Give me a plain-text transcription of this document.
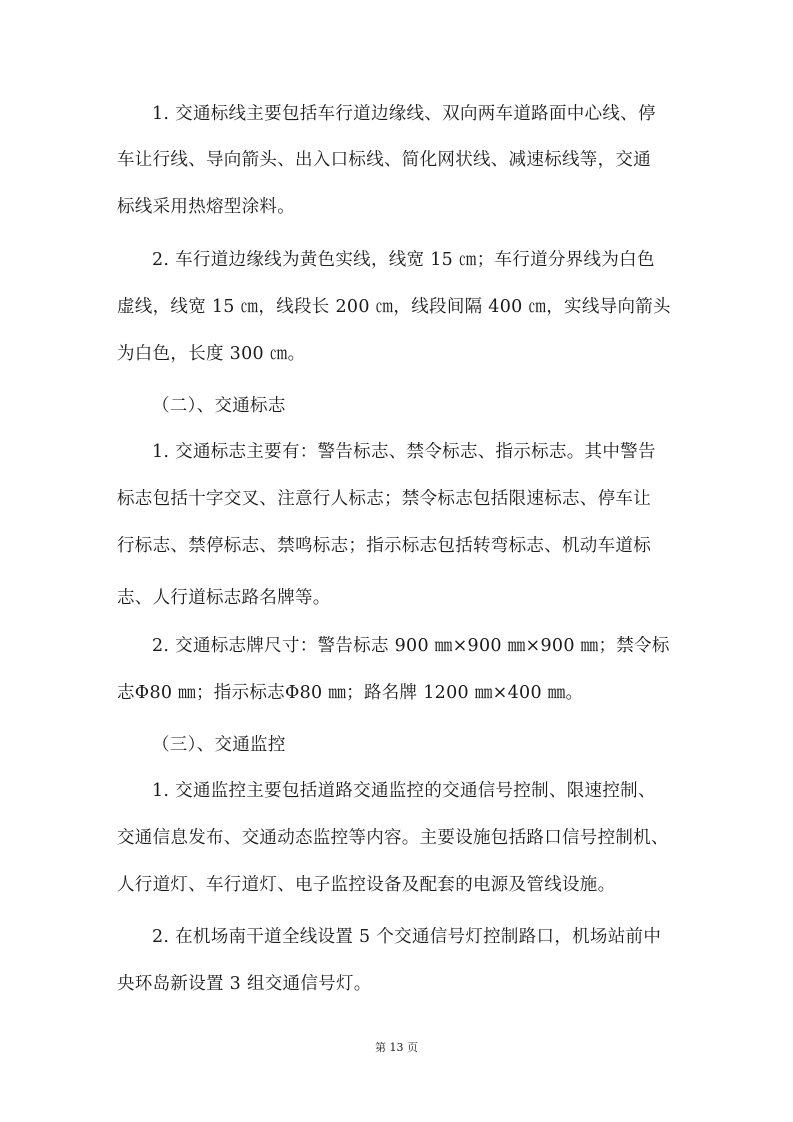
1. 交通标线主要包括车行道边缘线、双向两车道路面中心线、停
车让行线、导向箭头、出入口标线、简化网状线、减速标线等，交通
标线采用热熔型涂料。
2. 车行道边缘线为黄色实线，线宽 15 ㎝；车行道分界线为白色
虚线，线宽 15 ㎝，线段长 200 ㎝，线段间隔 400 ㎝，实线导向箭头
为白色，长度 300 ㎝。
（二）、交通标志
1. 交通标志主要有：警告标志、禁令标志、指示标志。其中警告
标志包括十字交叉、注意行人标志；禁令标志包括限速标志、停车让
行标志、禁停标志、禁鸣标志；指示标志包括转弯标志、机动车道标
志、人行道标志路名牌等。
2. 交通标志牌尺寸：警告标志 900 ㎜×900 ㎜×900 ㎜；禁令标
志Φ80 ㎜；指示标志Φ80 ㎜；路名牌 1200 ㎜×400 ㎜。
（三）、交通监控
1. 交通监控主要包括道路交通监控的交通信号控制、限速控制、
交通信息发布、交通动态监控等内容。主要设施包括路口信号控制机、
人行道灯、车行道灯、电子监控设备及配套的电源及管线设施。
2. 在机场南干道全线设置 5 个交通信号灯控制路口，机场站前中
央环岛新设置 3 组交通信号灯。
第 13 页
